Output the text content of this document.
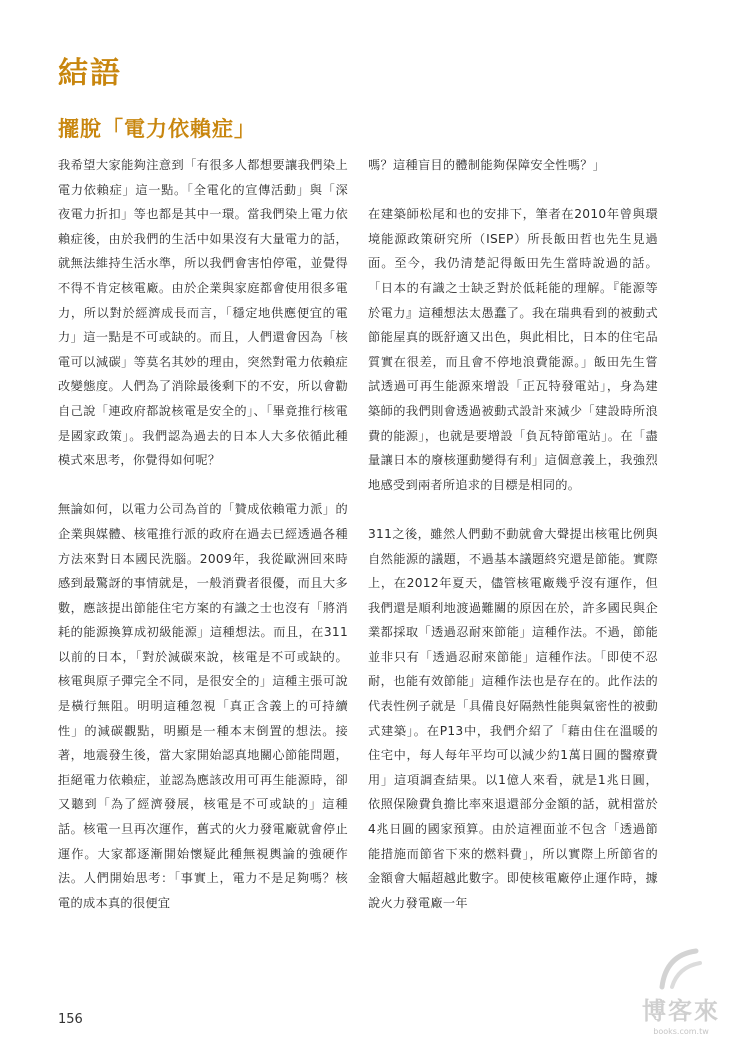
結語
擺脫「電力依賴症」

我希望大家能夠注意到「有很多人都想要讓我們染上電力依賴症」這一點。「全電化的宣傳活動」與「深夜電力折扣」等也都是其中一環。當我們染上電力依賴症後，由於我們的生活中如果沒有大量電力的話，就無法維持生活水準，所以我們會害怕停電，並覺得不得不肯定核電廠。由於企業與家庭都會使用很多電力，所以對於經濟成長而言，「穩定地供應便宜的電力」這一點是不可或缺的。而且，人們還會因為「核電可以減碳」等莫名其妙的理由，突然對電力依賴症改變態度。人們為了消除最後剩下的不安，所以會勸自己說「連政府都說核電是安全的」、「畢竟推行核電是國家政策」。我們認為過去的日本人大多依循此種模式來思考，你覺得如何呢？

無論如何，以電力公司為首的「贊成依賴電力派」的企業與媒體、核電推行派的政府在過去已經透過各種方法來對日本國民洗腦。2009年，我從歐洲回來時感到最驚訝的事情就是，一般消費者很優，而且大多數，應該提出節能住宅方案的有識之士也沒有「將消耗的能源換算成初級能源」這種想法。而且，在311以前的日本，「對於減碳來說，核電是不可或缺的。核電與原子彈完全不同，是很安全的」這種主張可說是橫行無阻。明明這種忽視「真正含義上的可持續性」的減碳觀點，明顯是一種本末倒置的想法。接著，地震發生後，當大家開始認真地關心節能問題，拒絕電力依賴症，並認為應該改用可再生能源時，卻又聽到「為了經濟發展，核電是不可或缺的」這種話。核電一旦再次運作，舊式的火力發電廠就會停止運作。大家都逐漸開始懷疑此種無視輿論的強硬作法。人們開始思考：「事實上，電力不是足夠嗎？核電的成本真的很便宜

嗎？這種盲目的體制能夠保障安全性嗎？」

在建築師松尾和也的安排下，筆者在2010年曾與環境能源政策研究所（ISEP）所長飯田哲也先生見過面。至今，我仍清楚記得飯田先生當時說過的話。「日本的有識之士缺乏對於低耗能的理解。『能源等於電力』這種想法太愚蠢了。我在瑞典看到的被動式節能屋真的既舒適又出色，與此相比，日本的住宅品質實在很差，而且會不停地浪費能源。」飯田先生嘗試透過可再生能源來增設「正瓦特發電站」，身為建築師的我們則會透過被動式設計來減少「建設時所浪費的能源」，也就是要增設「負瓦特節電站」。在「盡量讓日本的廢核運動變得有利」這個意義上，我強烈地感受到兩者所追求的目標是相同的。

311之後，雖然人們動不動就會大聲提出核電比例與自然能源的議題，不過基本議題終究還是節能。實際上，在2012年夏天，儘管核電廠幾乎沒有運作，但我們還是順利地渡過難關的原因在於，許多國民與企業都採取「透過忍耐來節能」這種作法。不過，節能並非只有「透過忍耐來節能」這種作法。「即使不忍耐，也能有效節能」這種作法也是存在的。此作法的代表性例子就是「具備良好隔熱性能與氣密性的被動式建築」。在P13中，我們介紹了「藉由住在溫暖的住宅中，每人每年平均可以減少約1萬日圓的醫療費用」這項調查結果。以1億人來看，就是1兆日圓，依照保險費負擔比率來退還部分金額的話，就相當於4兆日圓的國家預算。由於這裡面並不包含「透過節能措施而節省下來的燃料費」，所以實際上所節省的金額會大幅超越此數字。即使核電廠停止運作時，據說火力發電廠一年

156	博客來
books.com.tw
